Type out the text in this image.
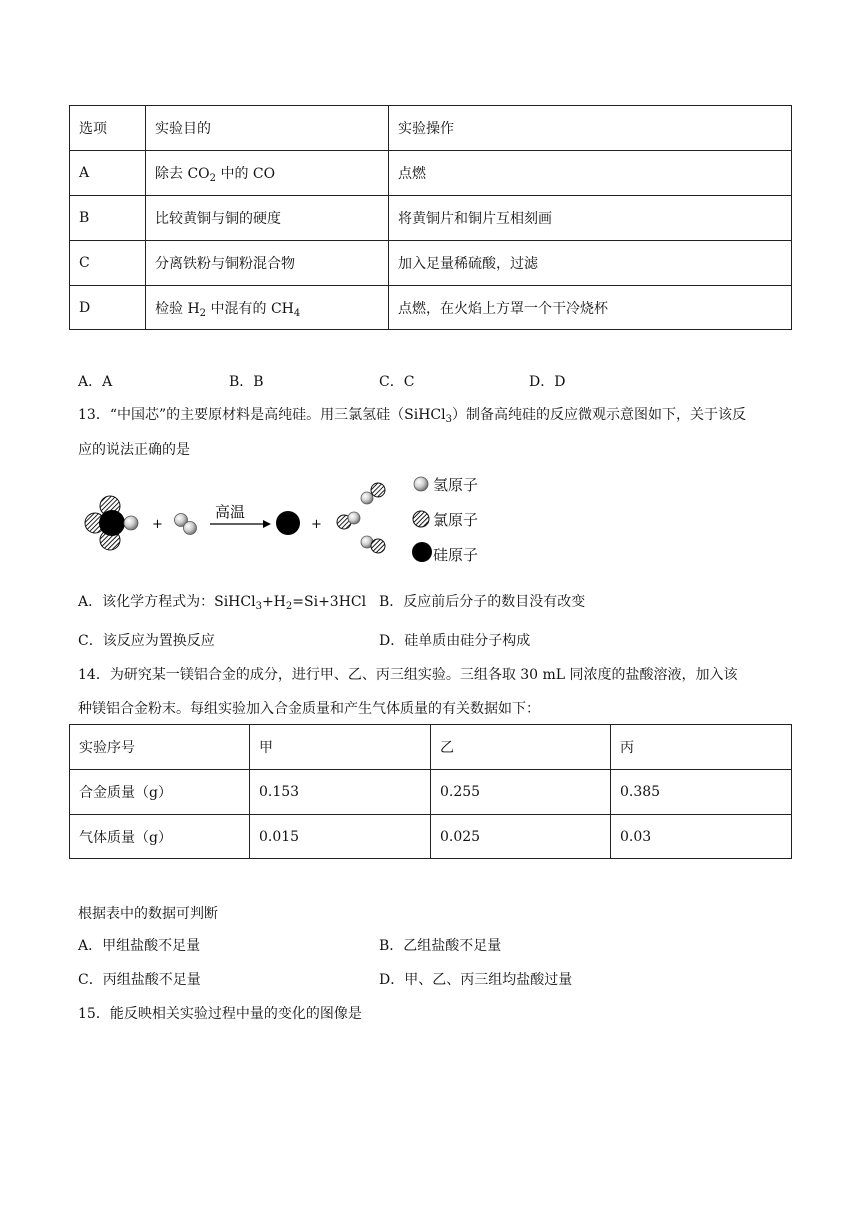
选项	实验目的	实验操作
A	除去 $CO_2$ 中的 CO	点燃
B	比较黄铜与铜的硬度	将黄铜片和铜片互相刻画
C	分离铁粉与铜粉混合物	加入足量稀硫酸，过滤
D	检验 $H_2$ 中混有的 $CH_4$	点燃，在火焰上方罩一个干冷烧杯
A．A	B．B	C．C	D．D
13．“中国芯”的主要原材料是高纯硅。用三氯氢硅（SiHCl$_3$）制备高纯硅的反应微观示意图如下，关于该反
应的说法正确的是
+
高温
+
氢原子
氯原子
硅原子
A．该化学方程式为：$SiHCl_3+H_2=Si+3HCl$ B．反应前后分子的数目没有改变
C．该反应为置换反应	D．硅单质由硅分子构成
14．为研究某一镁铝合金的成分，进行甲、乙、丙三组实验。三组各取 30 mL 同浓度的盐酸溶液，加入该
种镁铝合金粉末。每组实验加入合金质量和产生气体质量的有关数据如下：
实验序号	甲	乙	丙
合金质量（g）	0.153	0.255	0.385
气体质量（g）	0.015	0.025	0.03
根据表中的数据可判断
A．甲组盐酸不足量	B．乙组盐酸不足量
C．丙组盐酸不足量	D．甲、乙、丙三组均盐酸过量
15．能反映相关实验过程中量的变化的图像是
